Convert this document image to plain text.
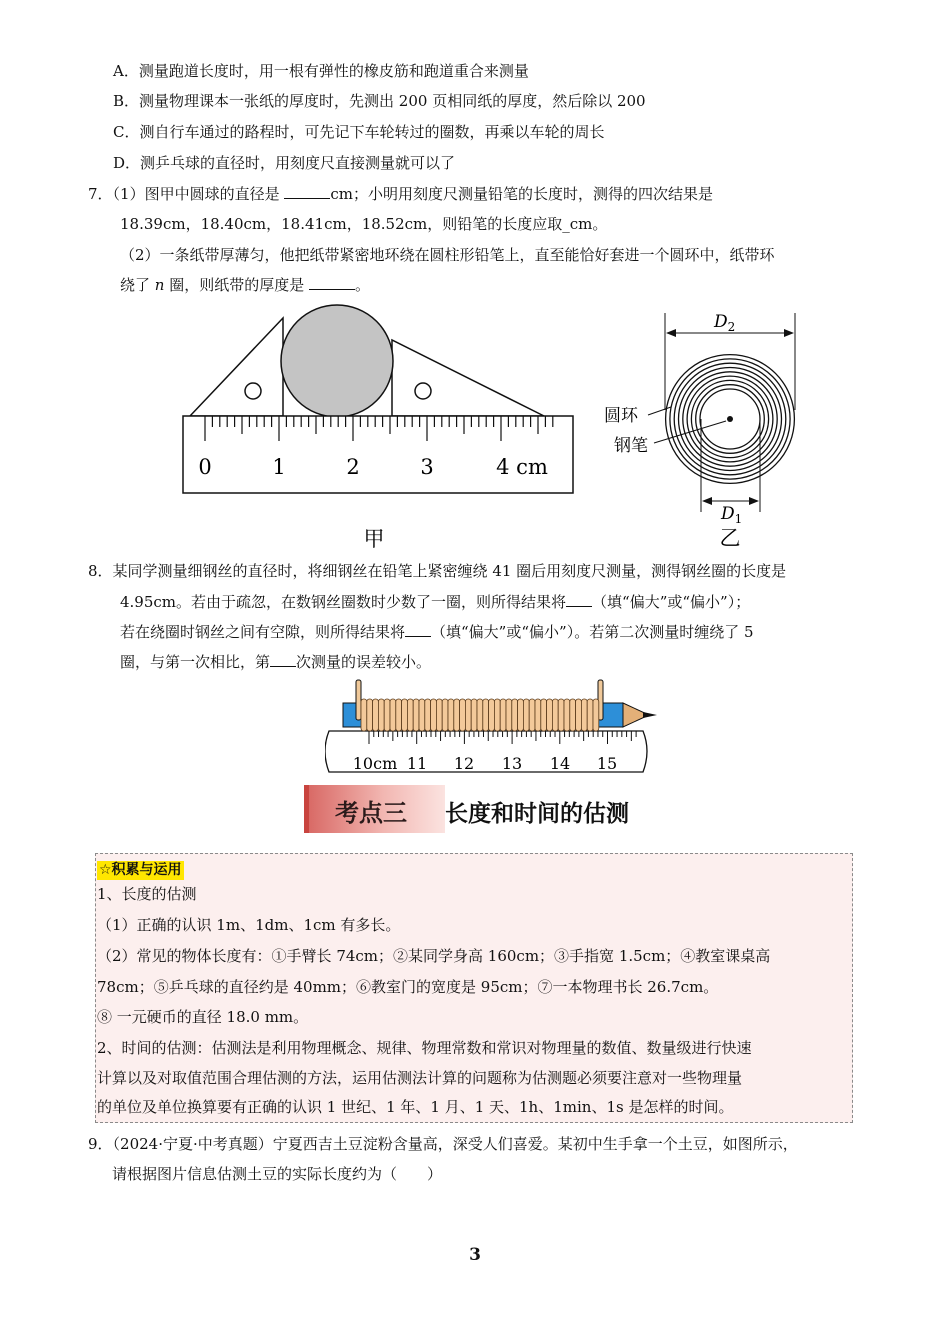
A．测量跑道长度时，用一根有弹性的橡皮筋和跑道重合来测量
B．测量物理课本一张纸的厚度时，先测出 200 页相同纸的厚度，然后除以 200
C．测自行车通过的路程时，可先记下车轮转过的圈数，再乘以车轮的周长
D．测乒乓球的直径时，用刻度尺直接测量就可以了
7．（1）图甲中圆球的直径是	cm；小明用刻度尺测量铅笔的长度时，测得的四次结果是
18.39cm，18.40cm，18.41cm，18.52cm，则铅笔的长度应取_cm。
（2）一条纸带厚薄匀，他把纸带紧密地环绕在圆柱形铅笔上，直至能恰好套进一个圆环中，纸带环
绕了 n 圈，则纸带的厚度是	。
0	1	2	3	4 cm
甲
$D_2$
$D_1$
圆环
钢笔
乙
8．某同学测量细钢丝的直径时，将细钢丝在铅笔上紧密缠绕 41 圈后用刻度尺测量，测得钢丝圈的长度是
4.95cm。若由于疏忽，在数钢丝圈数时少数了一圈，则所得结果将 （填“偏大”或“偏小”）；
若在绕圈时钢丝之间有空隙，则所得结果将 （填“偏大”或“偏小”）。若第二次测量时缠绕了 5
圈，与第一次相比，第 次测量的误差较小。
10cm 11 12 13 14 15
考点三 长度和时间的估测
☆积累与运用
1、长度的估测
（1）正确的认识 1m、1dm、1cm 有多长。
（2）常见的物体长度有：①手臂长 74cm；②某同学身高 160cm；③手指宽 1.5cm；④教室课桌高
78cm；⑤乒乓球的直径约是 40mm；⑥教室门的宽度是 95cm；⑦一本物理书长 26.7cm。
⑧ 一元硬币的直径 18.0 mm。
2、时间的估测：估测法是利用物理概念、规律、物理常数和常识对物理量的数值、数量级进行快速
计算以及对取值范围合理估测的方法，运用估测法计算的问题称为估测题必须要注意对一些物理量
的单位及单位换算要有正确的认识 1 世纪、1 年、1 月、1 天、1h、1min、1s 是怎样的时间。
9．（2024·宁夏·中考真题）宁夏西吉土豆淀粉含量高，深受人们喜爱。某初中生手拿一个土豆，如图所示，
请根据图片信息估测土豆的实际长度约为（　　）
3
